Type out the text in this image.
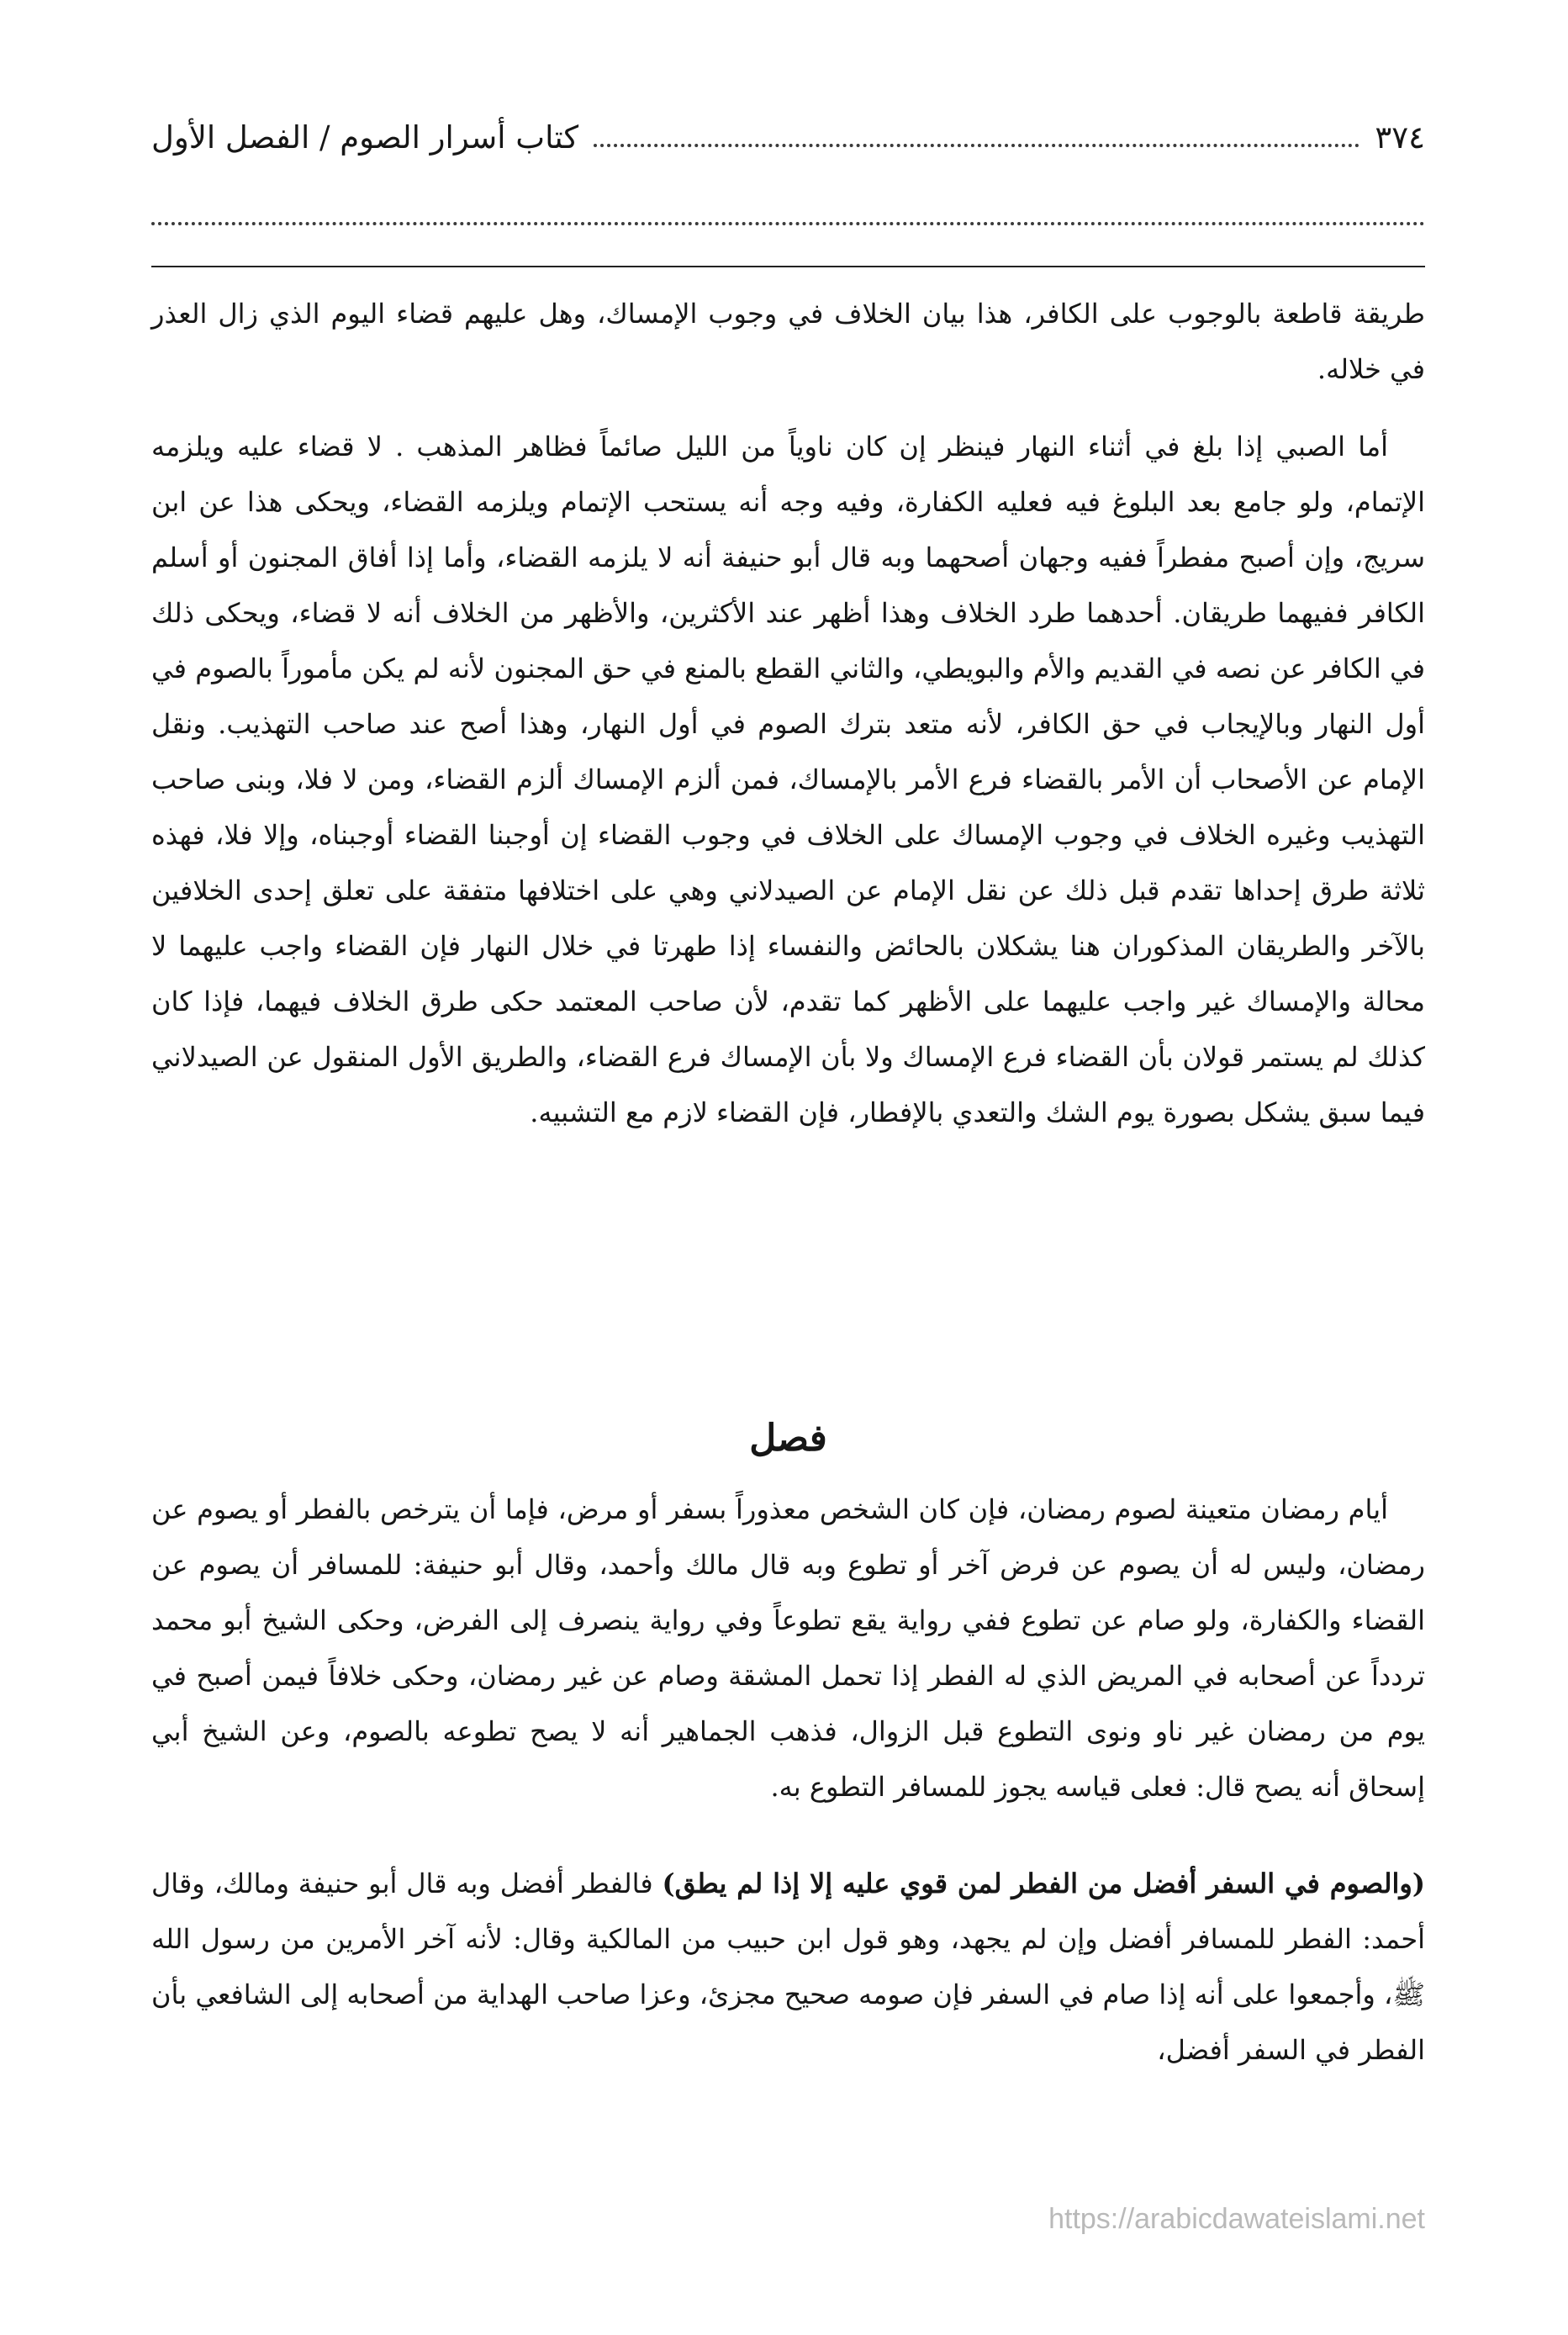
٣٧٤
كتاب أسرار الصوم / الفصل الأول

طريقة قاطعة بالوجوب على الكافر، هذا بيان الخلاف في وجوب الإمساك، وهل عليهم قضاء اليوم الذي زال العذر في خلاله.

أما الصبي إذا بلغ في أثناء النهار فينظر إن كان ناوياً من الليل صائماً فظاهر المذهب . لا قضاء عليه ويلزمه الإتمام، ولو جامع بعد البلوغ فيه فعليه الكفارة، وفيه وجه أنه يستحب الإتمام ويلزمه القضاء، ويحكى هذا عن ابن سريج، وإن أصبح مفطراً ففيه وجهان أصحهما وبه قال أبو حنيفة أنه لا يلزمه القضاء، وأما إذا أفاق المجنون أو أسلم الكافر ففيهما طريقان. أحدهما طرد الخلاف وهذا أظهر عند الأكثرين، والأظهر من الخلاف أنه لا قضاء، ويحكى ذلك في الكافر عن نصه في القديم والأم والبويطي، والثاني القطع بالمنع في حق المجنون لأنه لم يكن مأموراً بالصوم في أول النهار وبالإيجاب في حق الكافر، لأنه متعد بترك الصوم في أول النهار، وهذا أصح عند صاحب التهذيب. ونقل الإمام عن الأصحاب أن الأمر بالقضاء فرع الأمر بالإمساك، فمن ألزم الإمساك ألزم القضاء، ومن لا فلا، وبنى صاحب التهذيب وغيره الخلاف في وجوب الإمساك على الخلاف في وجوب القضاء إن أوجبنا القضاء أوجبناه، وإلا فلا، فهذه ثلاثة طرق إحداها تقدم قبل ذلك عن نقل الإمام عن الصيدلاني وهي على اختلافها متفقة على تعلق إحدى الخلافين بالآخر والطريقان المذكوران هنا يشكلان بالحائض والنفساء إذا طهرتا في خلال النهار فإن القضاء واجب عليهما لا محالة والإمساك غير واجب عليهما على الأظهر كما تقدم، لأن صاحب المعتمد حكى طرق الخلاف فيهما، فإذا كان كذلك لم يستمر قولان بأن القضاء فرع الإمساك ولا بأن الإمساك فرع القضاء، والطريق الأول المنقول عن الصيدلاني فيما سبق يشكل بصورة يوم الشك والتعدي بالإفطار، فإن القضاء لازم مع التشبيه.

فصل

أيام رمضان متعينة لصوم رمضان، فإن كان الشخص معذوراً بسفر أو مرض، فإما أن يترخص بالفطر أو يصوم عن رمضان، وليس له أن يصوم عن فرض آخر أو تطوع وبه قال مالك وأحمد، وقال أبو حنيفة: للمسافر أن يصوم عن القضاء والكفارة، ولو صام عن تطوع ففي رواية يقع تطوعاً وفي رواية ينصرف إلى الفرض، وحكى الشيخ أبو محمد تردداً عن أصحابه في المريض الذي له الفطر إذا تحمل المشقة وصام عن غير رمضان، وحكى خلافاً فيمن أصبح في يوم من رمضان غير ناو ونوى التطوع قبل الزوال، فذهب الجماهير أنه لا يصح تطوعه بالصوم، وعن الشيخ أبي إسحاق أنه يصح قال: فعلى قياسه يجوز للمسافر التطوع به.

(والصوم في السفر أفضل من الفطر لمن قوي عليه إلا إذا لم يطق) فالفطر أفضل وبه قال أبو حنيفة ومالك، وقال أحمد: الفطر للمسافر أفضل وإن لم يجهد، وهو قول ابن حبيب من المالكية وقال: لأنه آخر الأمرين من رسول الله ﷺ، وأجمعوا على أنه إذا صام في السفر فإن صومه صحيح مجزئ، وعزا صاحب الهداية من أصحابه إلى الشافعي بأن الفطر في السفر أفضل،

https://arabicdawateislami.net
